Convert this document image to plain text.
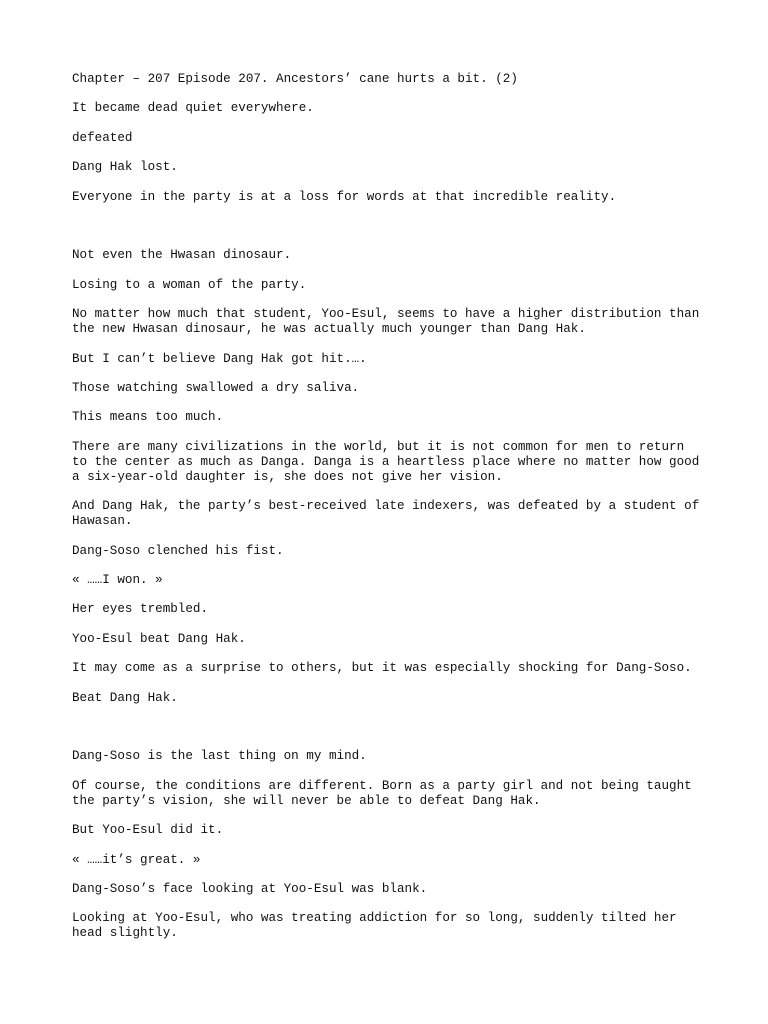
Chapter – 207 Episode 207. Ancestors’ cane hurts a bit. (2)

It became dead quiet everywhere.

defeated

Dang Hak lost.

Everyone in the party is at a loss for words at that incredible reality.

Not even the Hwasan dinosaur.

Losing to a woman of the party.

No matter how much that student, Yoo-Esul, seems to have a higher distribution than the new Hwasan dinosaur, he was actually much younger than Dang Hak.

But I can’t believe Dang Hak got hit.….

Those watching swallowed a dry saliva.

This means too much.

There are many civilizations in the world, but it is not common for men to return to the center as much as Danga. Danga is a heartless place where no matter how good a six-year-old daughter is, she does not give her vision.

And Dang Hak, the party’s best-received late indexers, was defeated by a student of Hawasan.

Dang-Soso clenched his fist.

« ……I won. »

Her eyes trembled.

Yoo-Esul beat Dang Hak.

It may come as a surprise to others, but it was especially shocking for Dang-Soso.

Beat Dang Hak.

Dang-Soso is the last thing on my mind.

Of course, the conditions are different. Born as a party girl and not being taught the party’s vision, she will never be able to defeat Dang Hak.

But Yoo-Esul did it.

« ……it’s great. »

Dang-Soso’s face looking at Yoo-Esul was blank.

Looking at Yoo-Esul, who was treating addiction for so long, suddenly tilted her head slightly.
